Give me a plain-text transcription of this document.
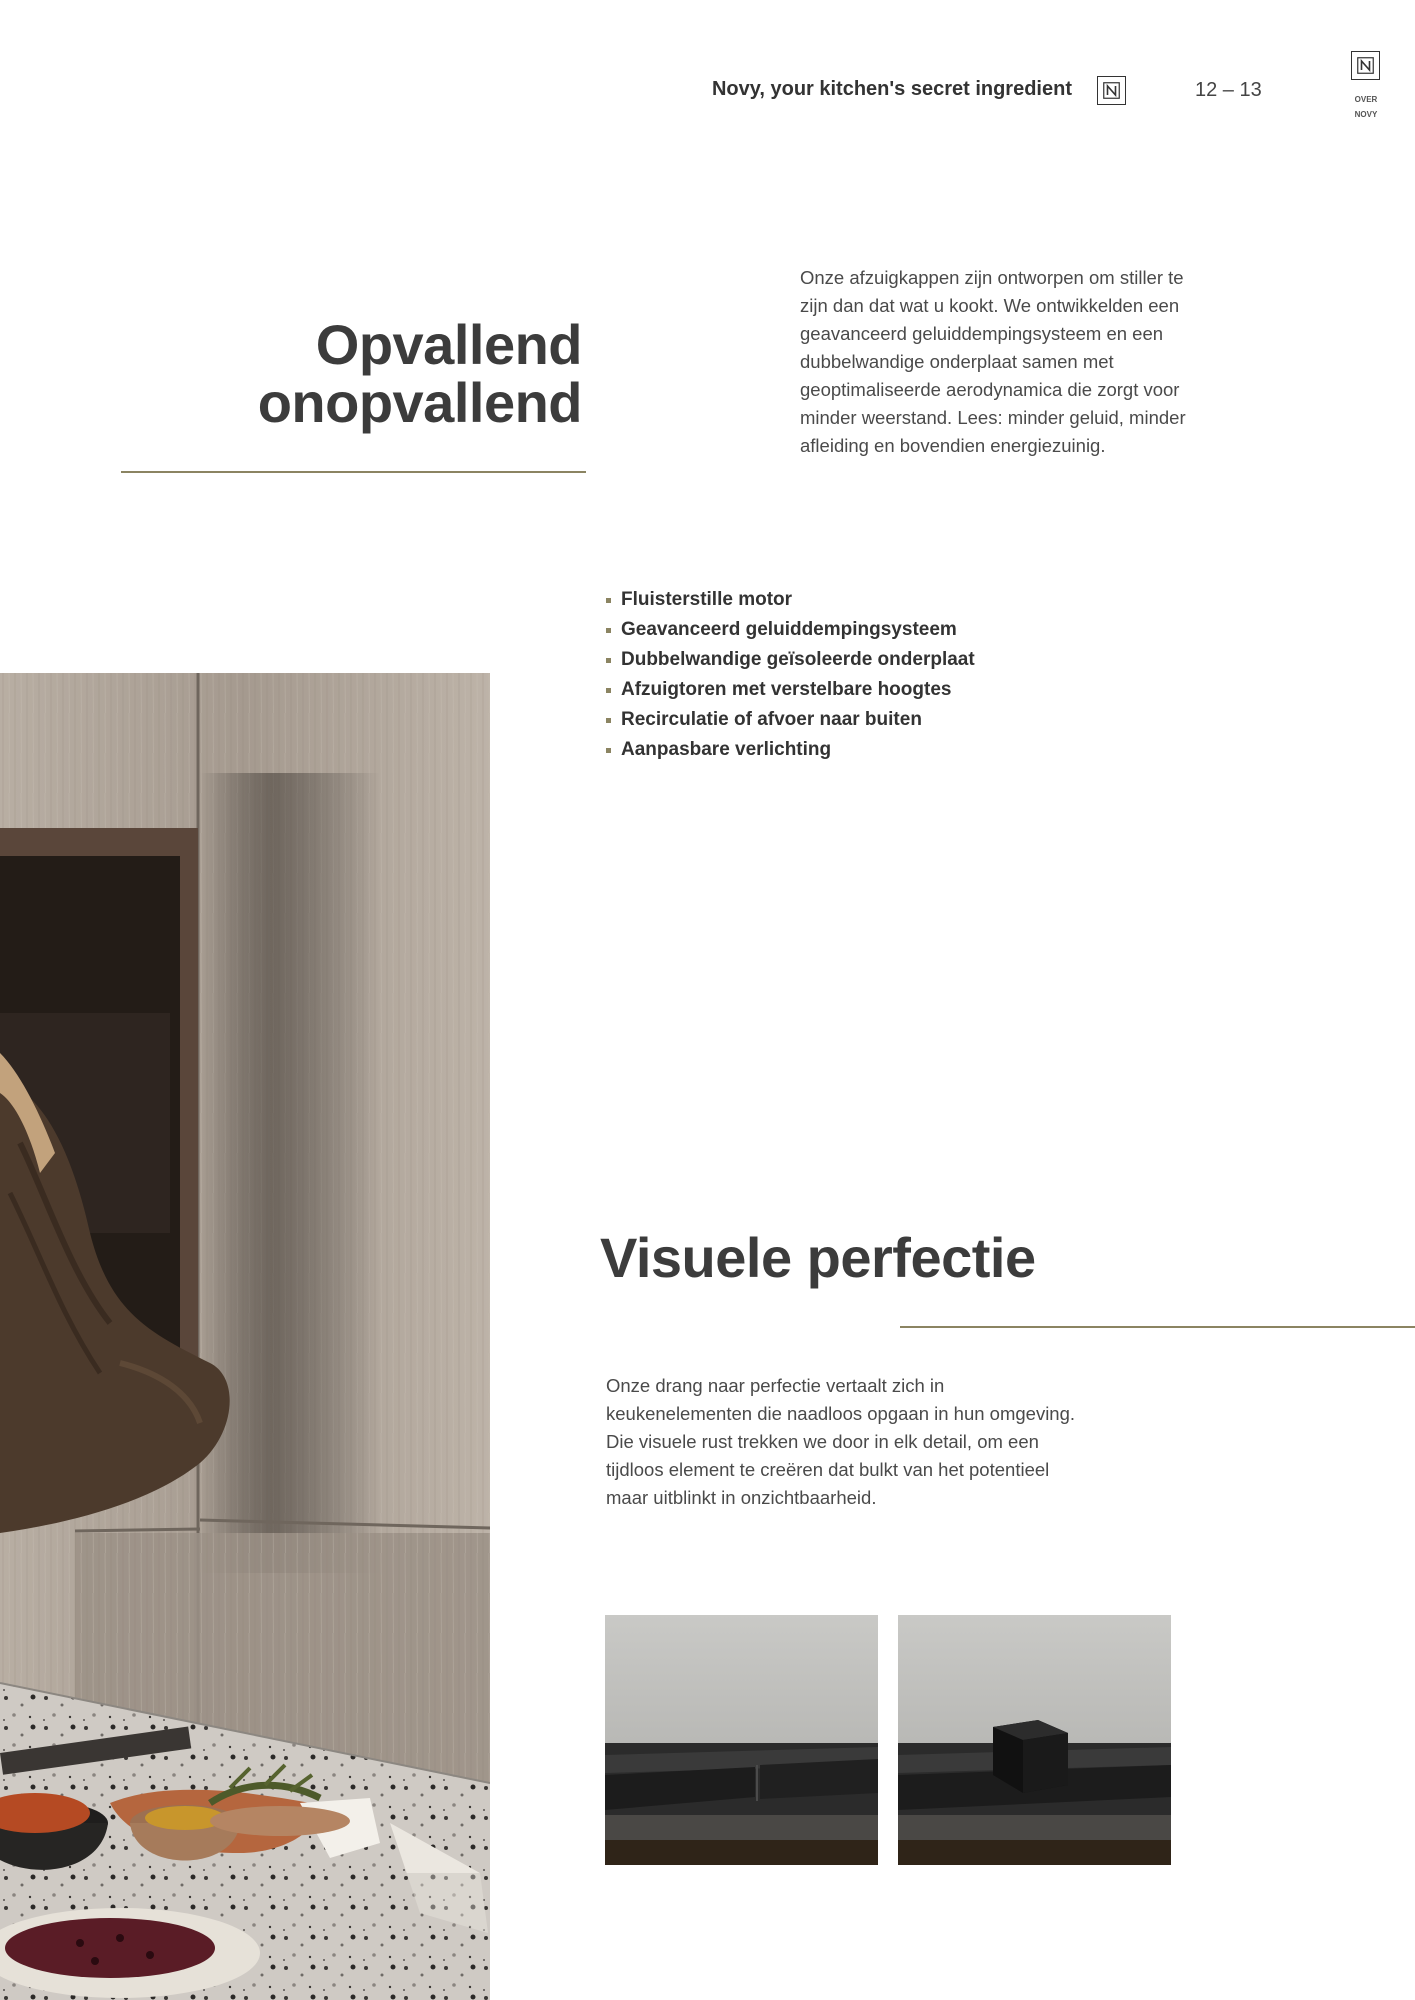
Novy, your kitchen's secret ingredient	12 – 13	OVER
NOVY
Opvallend
onopvallend

Onze afzuigkappen zijn ontworpen om stiller te zijn dan dat wat u kookt. We ontwikkelden een geavanceerd geluiddempingsysteem en een dubbelwandige onderplaat samen met geoptimaliseerde aerodynamica die zorgt voor minder weerstand. Lees: minder geluid, minder afleiding en bovendien energiezuinig.

Fluisterstille motor
Geavanceerd geluiddempingsysteem
Dubbelwandige geïsoleerde onderplaat
Afzuigtoren met verstelbare hoogtes
Recirculatie of afvoer naar buiten
Aanpasbare verlichting
Visuele perfectie

Onze drang naar perfectie vertaalt zich in keukenelementen die naadloos opgaan in hun omgeving. Die visuele rust trekken we door in elk detail, om een tijdloos element te creëren dat bulkt van het potentieel maar uitblinkt in onzichtbaarheid.
